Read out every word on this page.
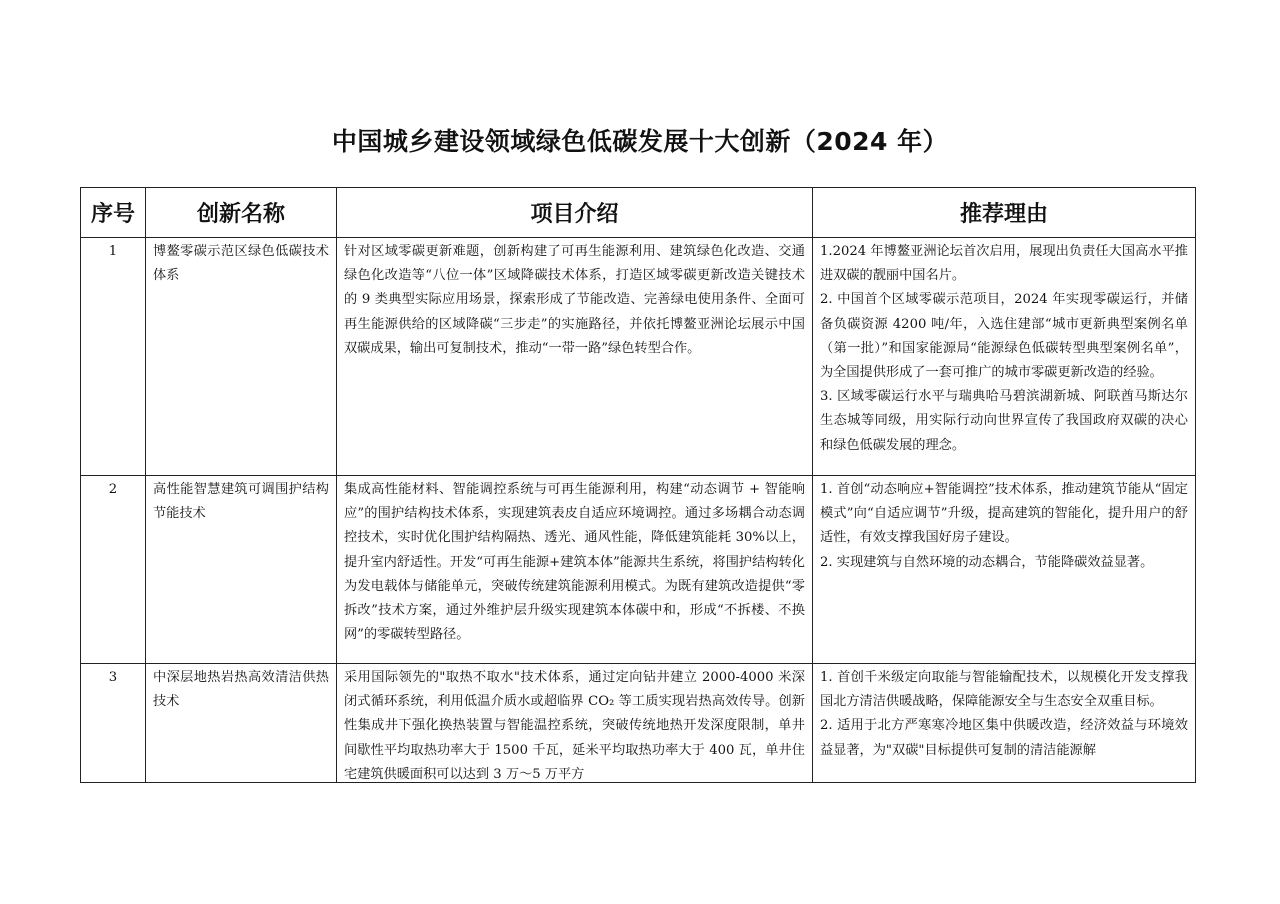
中国城乡建设领域绿色低碳发展十大创新（2024 年）
序号	创新名称	项目介绍	推荐理由
1	博鳌零碳示范区绿色低碳技术体系	针对区域零碳更新难题，创新构建了可再生能源利用、建筑绿色化改造、交通绿色化改造等“八位一体”区域降碳技术体系，打造区域零碳更新改造关键技术的 9 类典型实际应用场景，探索形成了节能改造、完善绿电使用条件、全面可再生能源供给的区域降碳“三步走”的实施路径，并依托博鳌亚洲论坛展示中国双碳成果，输出可复制技术，推动“一带一路”绿色转型合作。	1.2024 年博鳌亚洲论坛首次启用，展现出负责任大国高水平推进双碳的靓丽中国名片。

2. 中国首个区域零碳示范项目，2024 年实现零碳运行，并储备负碳资源 4200 吨/年，入选住建部“城市更新典型案例名单（第一批）”和国家能源局“能源绿色低碳转型典型案例名单”，为全国提供形成了一套可推广的城市零碳更新改造的经验。

3. 区域零碳运行水平与瑞典哈马碧滨湖新城、阿联酋马斯达尔生态城等同级，用实际行动向世界宣传了我国政府双碳的决心和绿色低碳发展的理念。

2	高性能智慧建筑可调围护结构节能技术	集成高性能材料、智能调控系统与可再生能源利用，构建“动态调节 + 智能响应”的围护结构技术体系，实现建筑表皮自适应环境调控。通过多场耦合动态调控技术，实时优化围护结构隔热、透光、通风性能，降低建筑能耗 30%以上，提升室内舒适性。开发“可再生能源+建筑本体”能源共生系统，将围护结构转化为发电载体与储能单元，突破传统建筑能源利用模式。为既有建筑改造提供“零拆改”技术方案，通过外维护层升级实现建筑本体碳中和，形成“不拆楼、不换网”的零碳转型路径。	1. 首创“动态响应+智能调控”技术体系，推动建筑节能从“固定模式”向“自适应调节”升级，提高建筑的智能化，提升用户的舒适性，有效支撑我国好房子建设。

2. 实现建筑与自然环境的动态耦合，节能降碳效益显著。

3	中深层地热岩热高效清洁供热技术	采用国际领先的"取热不取水"技术体系，通过定向钻井建立 2000-4000 米深闭式循环系统，利用低温介质水或超临界 CO₂ 等工质实现岩热高效传导。创新性集成井下强化换热装置与智能温控系统，突破传统地热开发深度限制，单井间歇性平均取热功率大于 1500 千瓦，延米平均取热功率大于 400 瓦，单井住宅建筑供暖面积可以达到 3 万～5 万平方	1. 首创千米级定向取能与智能输配技术，以规模化开发支撑我国北方清洁供暖战略，保障能源安全与生态安全双重目标。

2. 适用于北方严寒寒冷地区集中供暖改造，经济效益与环境效益显著，为"双碳"目标提供可复制的清洁能源解
